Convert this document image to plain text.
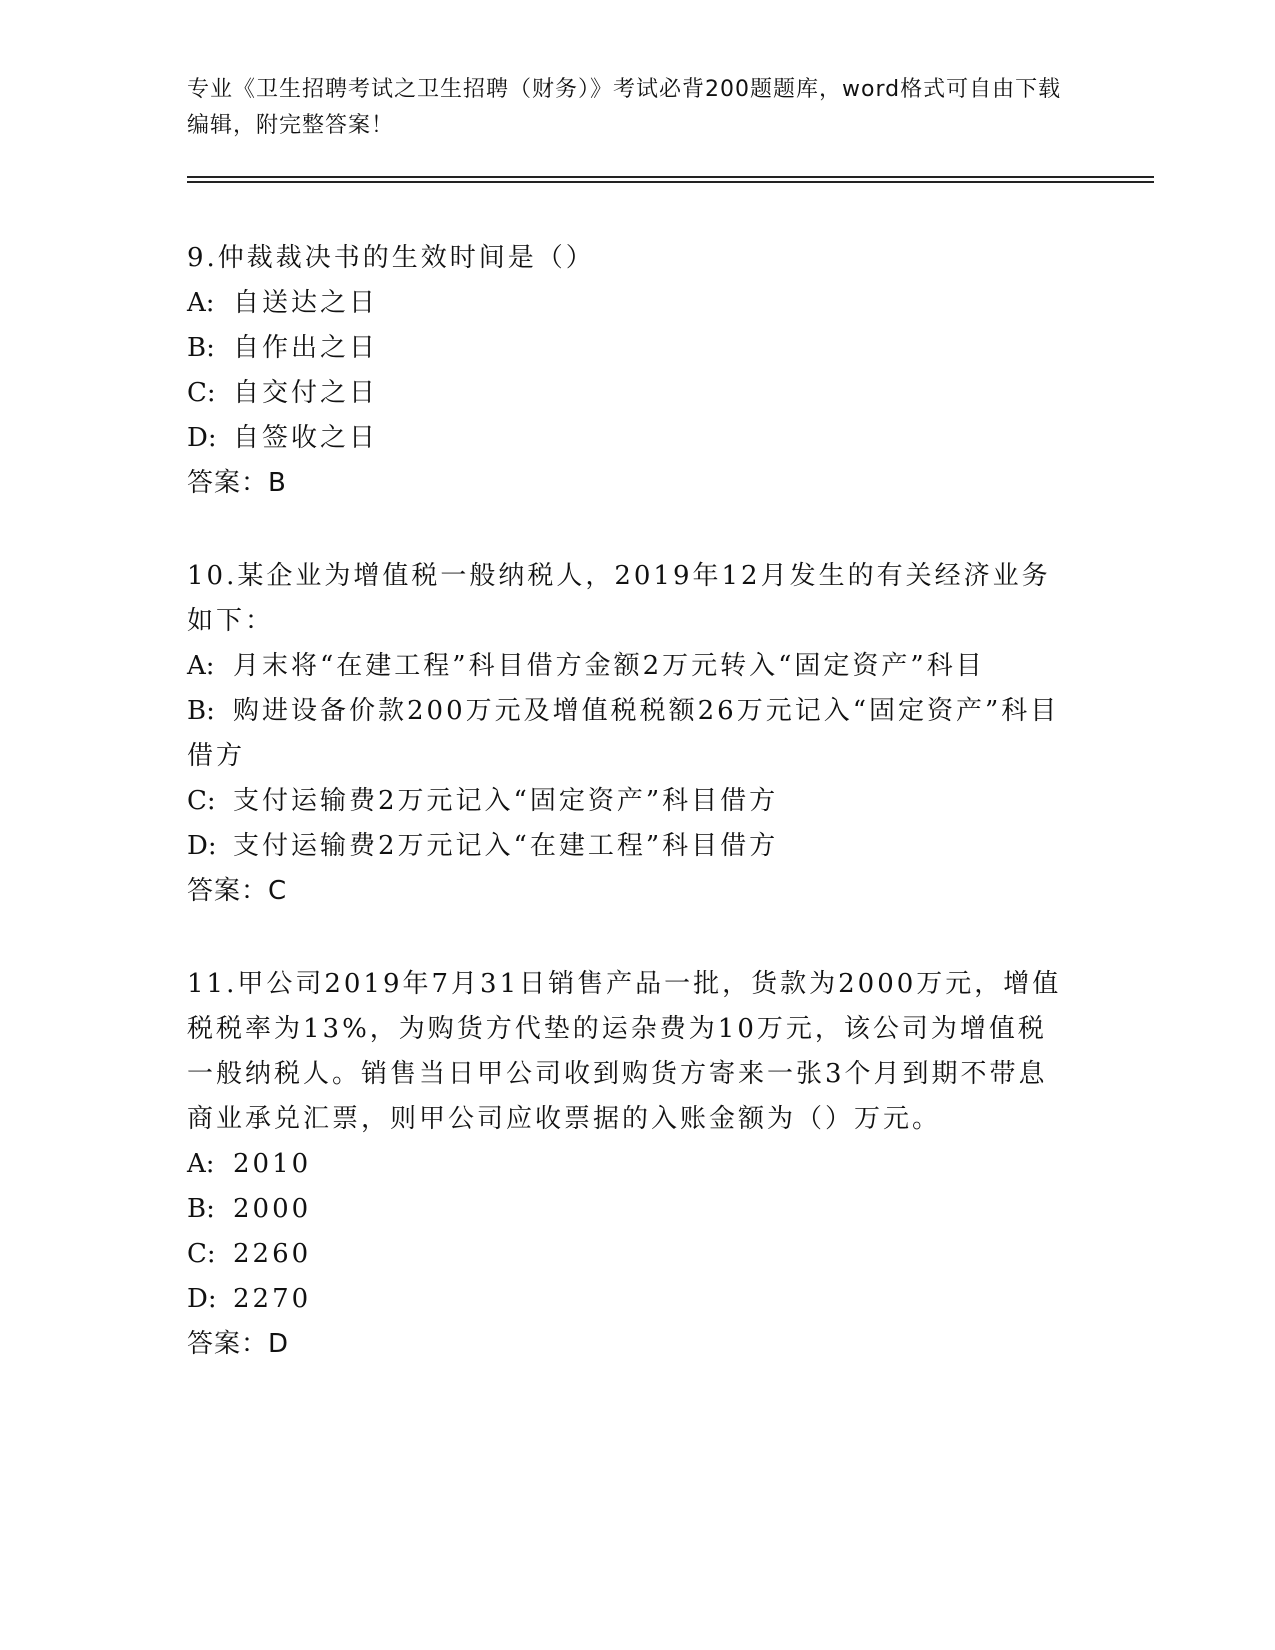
专业《卫生招聘考试之卫生招聘（财务）》考试必背200题题库，word格式可自由下载编辑，附完整答案！
9.仲裁裁决书的生效时间是（）
A: 自送达之日
B: 自作出之日
C: 自交付之日
D: 自签收之日
答案：B
10.某企业为增值税一般纳税人，2019年12月发生的有关经济业务如下：
A: 月末将“在建工程”科目借方金额2万元转入“固定资产”科目
B: 购进设备价款200万元及增值税税额26万元记入“固定资产”科目借方
C: 支付运输费2万元记入“固定资产”科目借方
D: 支付运输费2万元记入“在建工程”科目借方
答案：C
11.甲公司2019年7月31日销售产品一批，货款为2000万元，增值税税率为13%，为购货方代垫的运杂费为10万元，该公司为增值税一般纳税人。销售当日甲公司收到购货方寄来一张3个月到期不带息商业承兑汇票，则甲公司应收票据的入账金额为（）万元。
A: 2010
B: 2000
C: 2260
D: 2270
答案：D
